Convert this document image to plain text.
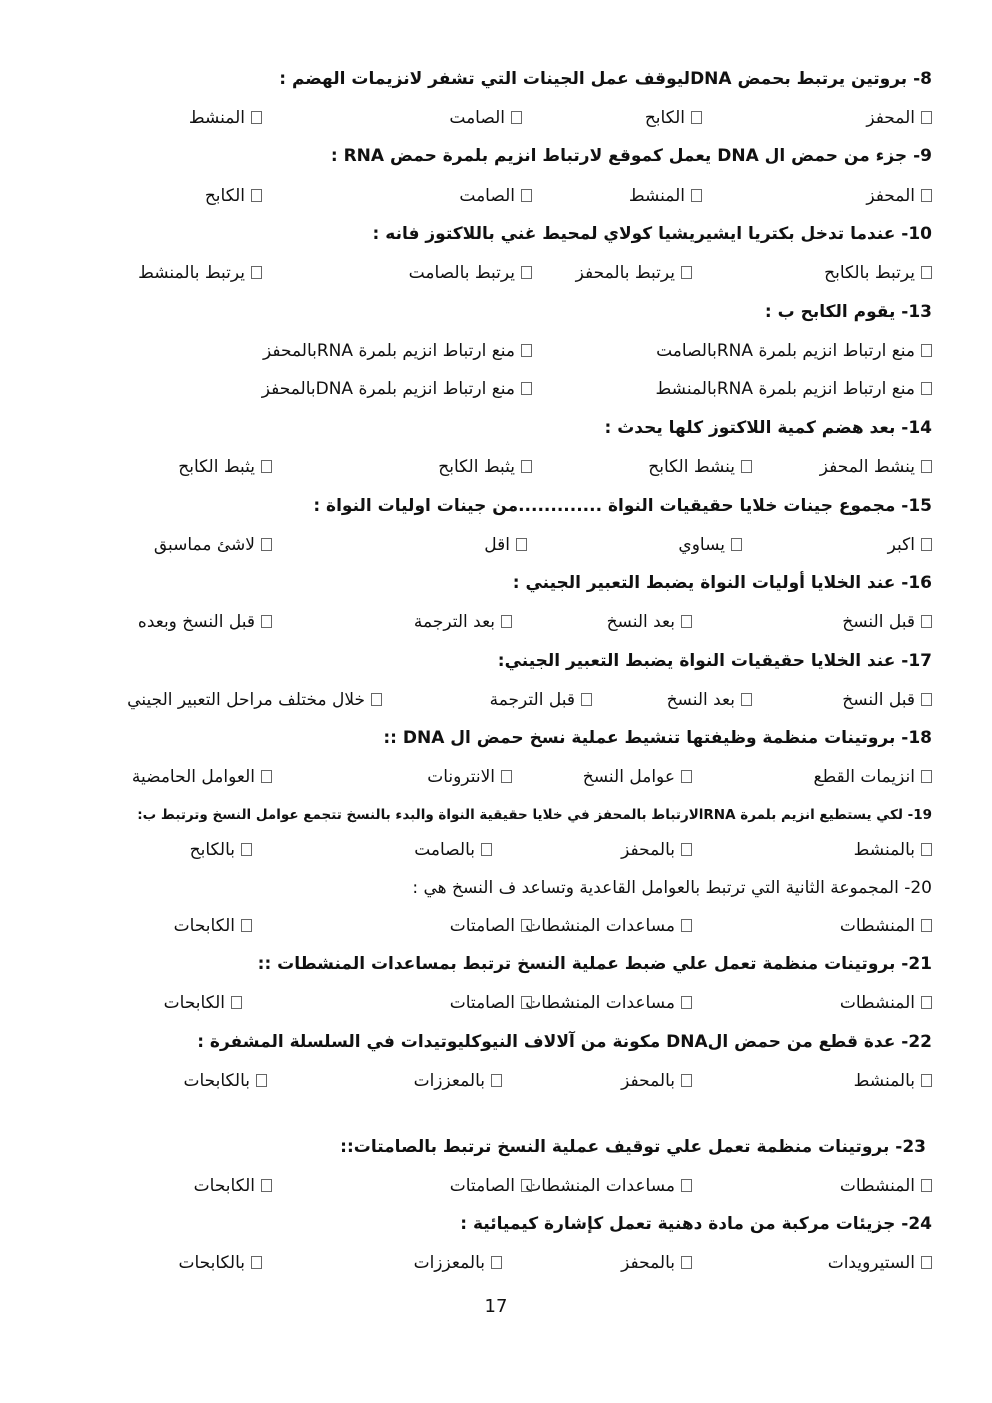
8- بروتين يرتبط بحمض DNAليوقف عمل الجينات التي تشفر لانزيمات الهضم :
المحفز
الكابح
الصامت
المنشط
9- جزء من حمض ال DNA يعمل كموقع لارتباط انزيم بلمرة حمض RNA :
المحفز
المنشط
الصامت
الكابح
10- عندما تدخل بكتريا ايشيريشيا كولاي لمحيط غني باللاكتوز فانه :
يرتبط بالكابح
يرتبط بالمحفز
يرتبط بالصامت
يرتبط بالمنشط
13- يقوم الكابح ب :
منع ارتباط انزيم بلمرة RNAبالصامت
منع ارتباط انزيم بلمرة RNAبالمحفز
منع ارتباط انزيم بلمرة RNAبالمنشط
منع ارتباط انزيم بلمرة DNAبالمحفز
14- بعد هضم كمية اللاكتوز كلها يحدث :
ينشط المحفز
ينشط الكابح
يثبط الكابح
يثبط الكابح
15- مجموع جينات خلايا حقيقيات النواة .............من جينات اوليات النواة :
اكبر
يساوي
اقل
لاشئ مماسبق
16- عند الخلايا أوليات النواة يضبط التعبير الجيني :
قبل النسخ
بعد النسخ
بعد الترجمة
قبل النسخ وبعده
17- عند الخلايا حقيقيات النواة يضبط التعبير الجيني:
قبل النسخ
بعد النسخ
قبل الترجمة
خلال مختلف مراحل التعبير الجيني
18- بروتينات منظمة وظيفتها تنشيط عملية نسخ حمض ال DNA ::
انزيمات القطع
عوامل النسخ
الانترونات
العوامل الحامضية
19- لكي يستطيع انزيم بلمرة RNAالارتباط بالمحفز في خلايا حقيقية النواة والبدء بالنسخ تتجمع عوامل النسخ وترتبط ب:
بالمنشط
بالمحفز
بالصامت
بالكابح
20- المجموعة الثانية التي ترتبط بالعوامل القاعدية وتساعد ف النسخ هي :
المنشطات
مساعدات المنشطات
الصامتات
الكابحات
21- بروتينات منظمة تعمل علي ضبط عملية النسخ ترتبط بمساعدات المنشطات ::
المنشطات
مساعدات المنشطات
الصامتات
الكابحات
22- عدة قطع من حمض الDNA مكونة من آلالاف النيوكليوتيدات في السلسلة المشفرة :
بالمنشط
بالمحفز
بالمعززات
بالكابحات
23- بروتينات منظمة تعمل علي توقيف عملية النسخ ترتبط بالصامتات::
المنشطات
مساعدات المنشطات
الصامتات
الكابحات
24- جزيئات مركبة من مادة دهنية تعمل كإشارة كيميائية :
الستيرويدات
بالمحفز
بالمعززات
بالكابحات
17
